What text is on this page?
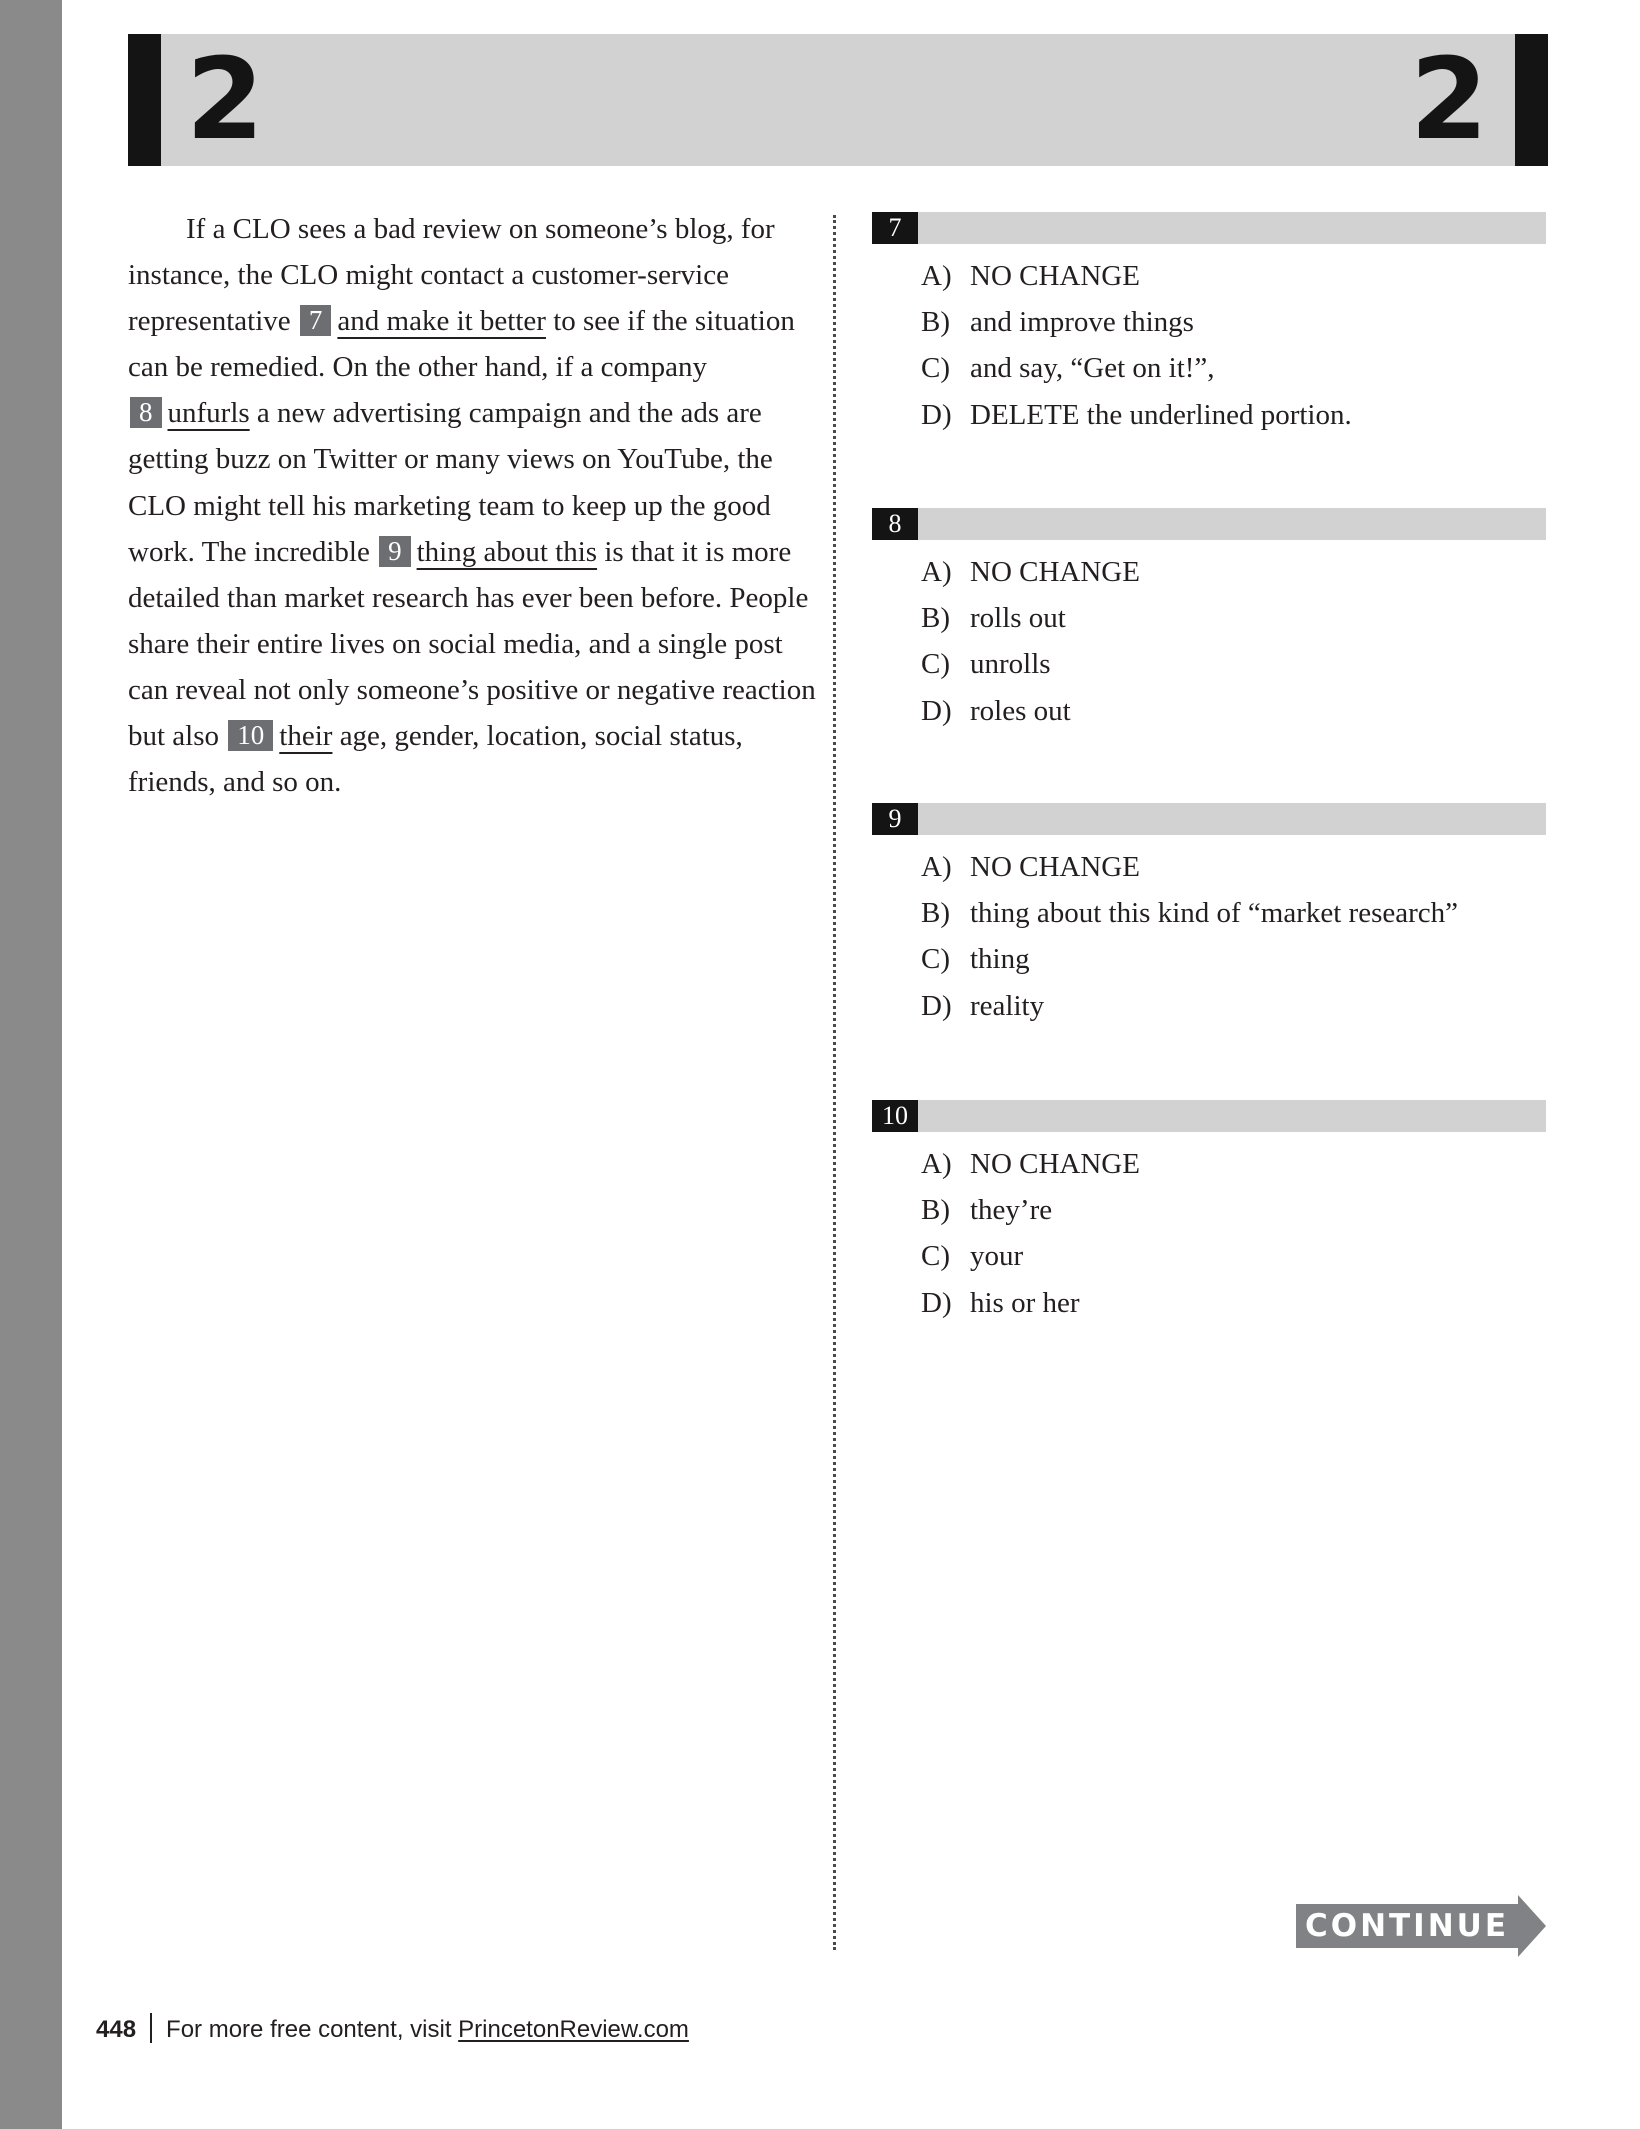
2	2
If a CLO sees a bad review on someone’s blog, for
instance, the CLO might contact a customer-service
representative 7 and make it better to see if the situation
can be remedied. On the other hand, if a company
8 unfurls a new advertising campaign and the ads are
getting buzz on Twitter or many views on YouTube, the
CLO might tell his marketing team to keep up the good
work. The incredible 9 thing about this is that it is more
detailed than market research has ever been before. People
share their entire lives on social media, and a single post
can reveal not only someone’s positive or negative reaction
but also 10 their age, gender, location, social status,
friends, and so on.
7
A) NO CHANGE
B) and improve things
C) and say, “Get on it!”,
D) DELETE the underlined portion.
8
A) NO CHANGE
B) rolls out
C) unrolls
D) roles out
9
A) NO CHANGE
B) thing about this kind of “market research”
C) thing
D) reality
10
A) NO CHANGE
B) they’re
C) your
D) his or her
CONTINUE
448 For more free content, visit PrincetonReview.com
